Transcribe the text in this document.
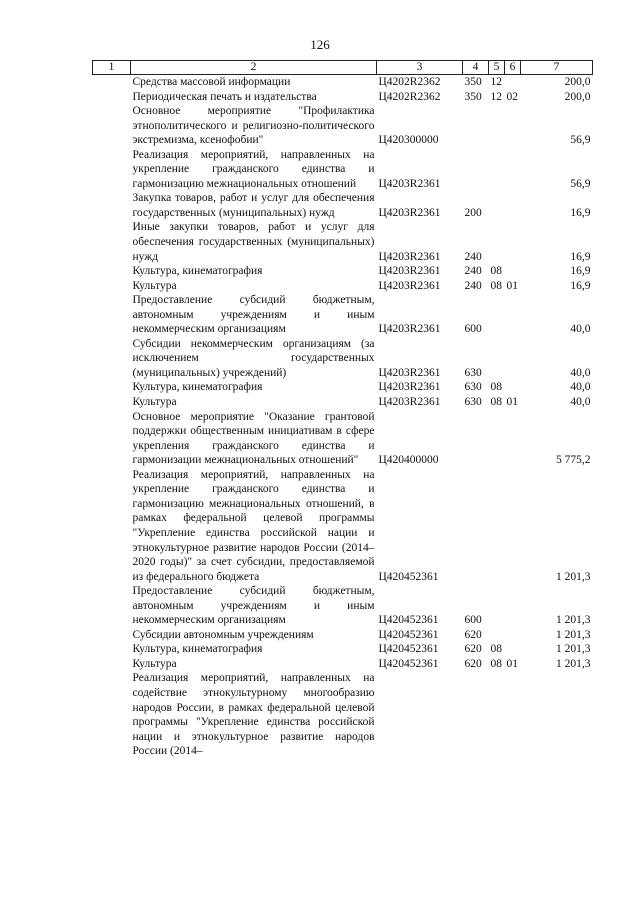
126
1	2	3	4	5	6	7
	Средства массовой информации	Ц4202R2362	350	12		200,0
	Периодическая печать и издательства	Ц4202R2362	350	12	02	200,0
	Основное мероприятие "Профилактика этнополитического и религиозно-политического экстремизма, ксенофобии"	Ц420300000				56,9
	Реализация мероприятий, направленных на укрепление гражданского единства и гармонизацию межнациональных отношений	Ц4203R2361				56,9
	Закупка товаров, работ и услуг для обеспечения государственных (муниципальных) нужд	Ц4203R2361	200			16,9
	Иные закупки товаров, работ и услуг для обеспечения государственных (муниципальных) нужд	Ц4203R2361	240			16,9
	Культура, кинематография	Ц4203R2361	240	08		16,9
	Культура	Ц4203R2361	240	08	01	16,9
	Предоставление субсидий бюджетным, автономным учреждениям и иным некоммерческим организациям	Ц4203R2361	600			40,0
	Субсидии некоммерческим организациям (за исключением государственных (муниципальных) учреждений)	Ц4203R2361	630			40,0
	Культура, кинематография	Ц4203R2361	630	08		40,0
	Культура	Ц4203R2361	630	08	01	40,0
	Основное мероприятие "Оказание грантовой поддержки общественным инициативам в сфере укрепления гражданского единства и гармонизации межнациональных отношений"	Ц420400000				5 775,2
	Реализация мероприятий, направленных на укрепление гражданского единства и гармонизацию межнациональных отношений, в рамках федеральной целевой программы "Укрепление единства российской нации и этнокультурное развитие народов России (2014–2020 годы)" за счет субсидии, предоставляемой из федерального бюджета	Ц420452361				1 201,3
	Предоставление субсидий бюджетным, автономным учреждениям и иным некоммерческим организациям	Ц420452361	600			1 201,3
	Субсидии автономным учреждениям	Ц420452361	620			1 201,3
	Культура, кинематография	Ц420452361	620	08		1 201,3
	Культура	Ц420452361	620	08	01	1 201,3
	Реализация мероприятий, направленных на содействие этнокультурному многообразию народов России, в рамках федеральной целевой программы "Укрепление единства российской нации и этнокультурное развитие народов России (2014–					
